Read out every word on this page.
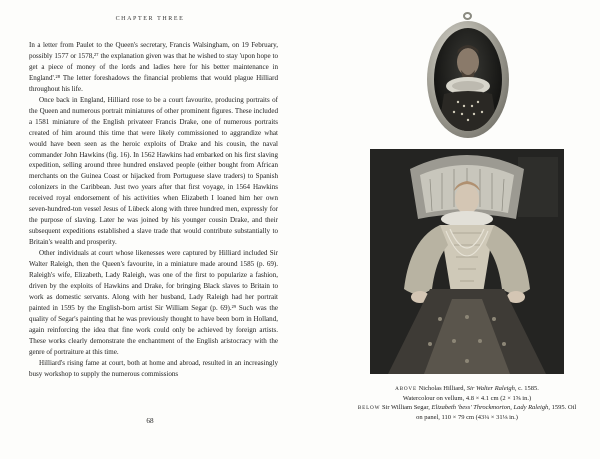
CHAPTER THREE

In a letter from Paulet to the Queen's secretary, Francis Walsingham, on 19 February, possibly 1577 or 1578,²⁷ the explanation given was that he wished to stay 'upon hope to get a piece of money of the lords and ladies here for his better maintenance in England'.²⁸ The letter foreshadows the financial problems that would plague Hilliard throughout his life.

Once back in England, Hilliard rose to be a court favourite, producing portraits of the Queen and numerous portrait miniatures of other prominent figures. These included a 1581 miniature of the English privateer Francis Drake, one of numerous portraits created of him around this time that were likely commissioned to aggrandize what would have been seen as the heroic exploits of Drake and his cousin, the naval commander John Hawkins (fig. 16). In 1562 Hawkins had embarked on his first slaving expedition, selling around three hundred enslaved people (either bought from African merchants on the Guinea Coast or hijacked from Portuguese slave traders) to Spanish colonizers in the Caribbean. Just two years after that first voyage, in 1564 Hawkins received royal endorsement of his activities when Elizabeth I loaned him her own seven-hundred-ton vessel Jesus of Lübeck along with three hundred men, expressly for the purpose of slaving. Later he was joined by his younger cousin Drake, and their subsequent expeditions established a slave trade that would contribute substantially to Britain's wealth and prosperity.

Other individuals at court whose likenesses were captured by Hilliard included Sir Walter Raleigh, then the Queen's favourite, in a miniature made around 1585 (p. 69). Raleigh's wife, Elizabeth, Lady Raleigh, was one of the first to popularize a fashion, driven by the exploits of Hawkins and Drake, for bringing Black slaves to Britain to work as domestic servants. Along with her husband, Lady Raleigh had her portrait painted in 1595 by the English-born artist Sir William Segar (p. 69).²⁹ Such was the quality of Segar's painting that he was previously thought to have been born in Holland, again reinforcing the idea that fine work could only be achieved by foreign artists. These works clearly demonstrate the enchantment of the English aristocracy with the genre of portraiture at this time.

Hilliard's rising fame at court, both at home and abroad, resulted in an increasingly busy workshop to supply the numerous commissions

68
ABOVE Nicholas Hilliard, Sir Walter Raleigh, c. 1585.
Watercolour on vellum, 4.8 × 4.1 cm (2 × 1⅝ in.)
BELOW Sir William Segar, Elizabeth 'bess' Throckmorton, Lady Raleigh, 1595. Oil on panel, 110 × 79 cm (43¼ × 31⅛ in.)
